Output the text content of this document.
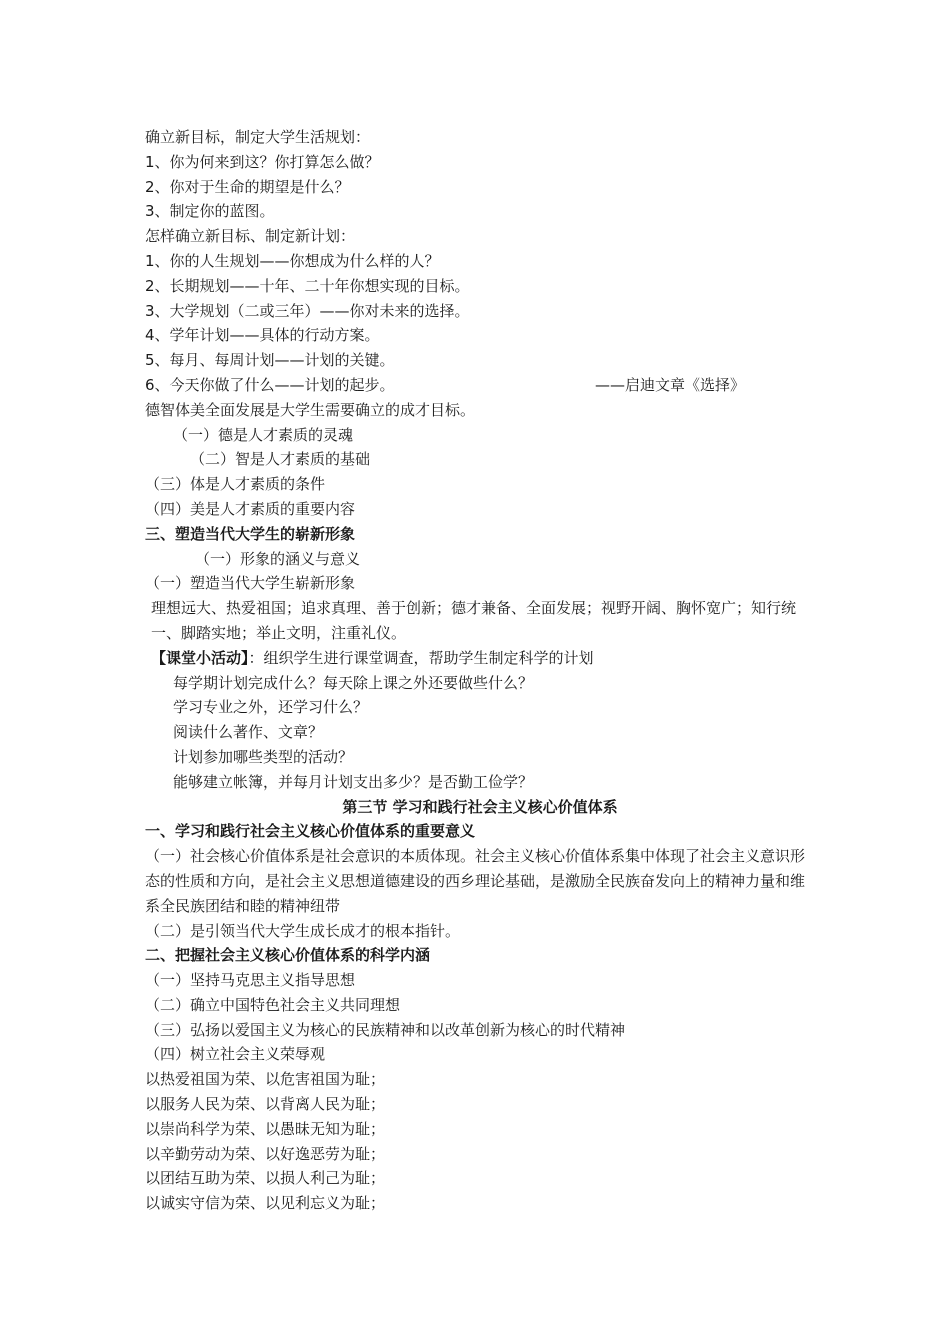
确立新目标，制定大学生活规划：
1、你为何来到这？你打算怎么做？
2、你对于生命的期望是什么？
3、制定你的蓝图。
怎样确立新目标、制定新计划：
1、你的人生规划——你想成为什么样的人？
2、长期规划——十年、二十年你想实现的目标。
3、大学规划（二或三年）——你对未来的选择。
4、学年计划——具体的行动方案。
5、每月、每周计划——计划的关键。
6、今天你做了什么——计划的起步。	——启迪文章《选择》
德智体美全面发展是大学生需要确立的成才目标。
（一）德是人才素质的灵魂
（二）智是人才素质的基础
（三）体是人才素质的条件
（四）美是人才素质的重要内容
三、塑造当代大学生的崭新形象
（一）形象的涵义与意义
（一）塑造当代大学生崭新形象
理想远大、热爱祖国；追求真理、善于创新；德才兼备、全面发展；视野开阔、胸怀宽广；知行统一、脚踏实地；举止文明，注重礼仪。
【课堂小活动】：组织学生进行课堂调查，帮助学生制定科学的计划
每学期计划完成什么？每天除上课之外还要做些什么？
学习专业之外，还学习什么？
阅读什么著作、文章？
计划参加哪些类型的活动？
能够建立帐簿，并每月计划支出多少？是否勤工俭学？
第三节 学习和践行社会主义核心价值体系
一、学习和践行社会主义核心价值体系的重要意义
（一）社会核心价值体系是社会意识的本质体现。社会主义核心价值体系集中体现了社会主义意识形态的性质和方向，是社会主义思想道德建设的西乡理论基础，是激励全民族奋发向上的精神力量和维系全民族团结和睦的精神纽带
（二）是引领当代大学生成长成才的根本指针。
二、把握社会主义核心价值体系的科学内涵
（一）坚持马克思主义指导思想
（二）确立中国特色社会主义共同理想
（三）弘扬以爱国主义为核心的民族精神和以改革创新为核心的时代精神
（四）树立社会主义荣辱观
以热爱祖国为荣、以危害祖国为耻；
以服务人民为荣、以背离人民为耻；
以崇尚科学为荣、以愚昧无知为耻；
以辛勤劳动为荣、以好逸恶劳为耻；
以团结互助为荣、以损人利己为耻；
以诚实守信为荣、以见利忘义为耻；
